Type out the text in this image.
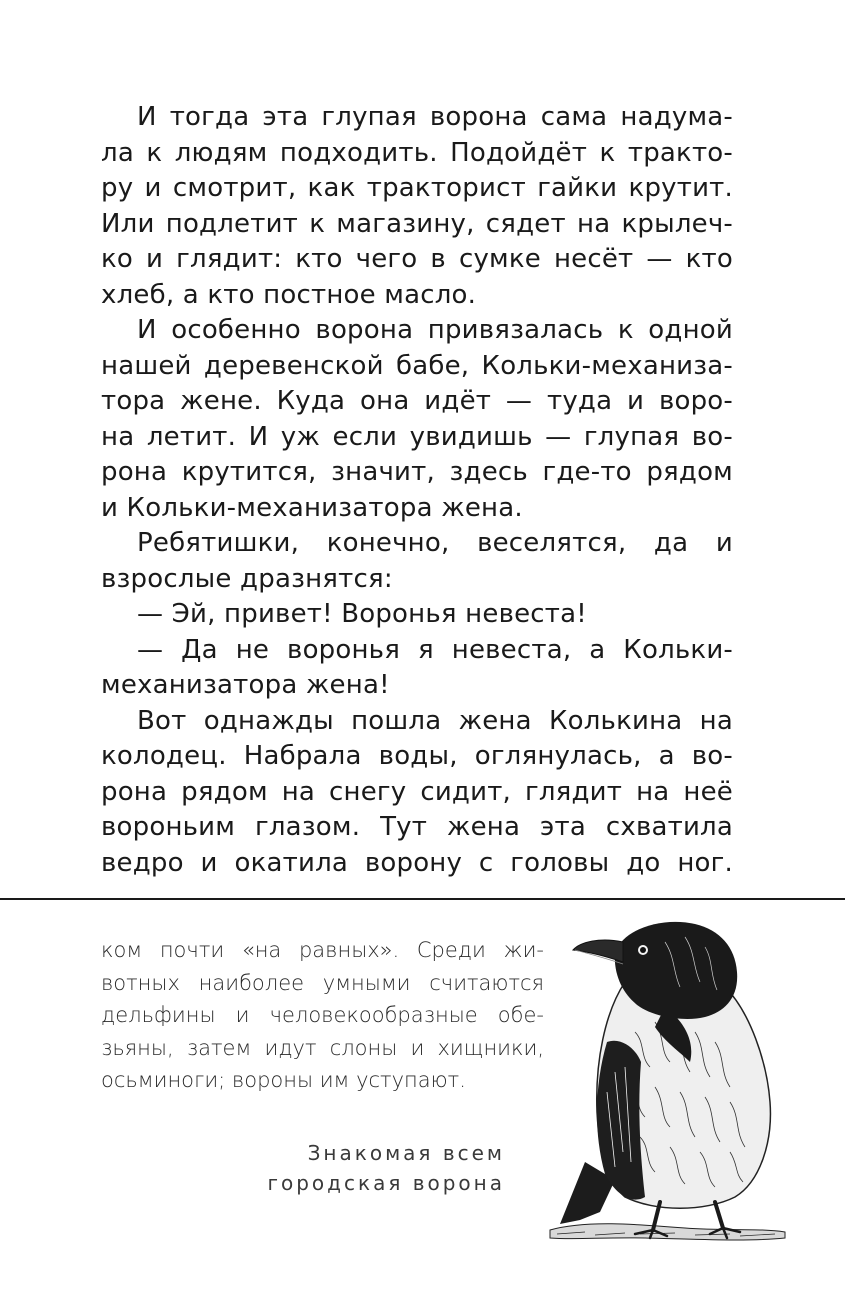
И тогда эта глупая ворона сама надума-
ла к людям подходить. Подойдёт к тракто-
ру и смотрит, как тракторист гайки крутит.
Или подлетит к магазину, сядет на крылеч-
ко и глядит: кто чего в сумке несёт — кто
хлеб, а кто постное масло.
И особенно ворона привязалась к одной
нашей деревенской бабе, Кольки-механиза-
тора жене. Куда она идёт — туда и воро-
на летит. И уж если увидишь — глупая во-
рона крутится, значит, здесь где-то рядом
и Кольки-механизатора жена.
Ребятишки, конечно, веселятся, да и
взрослые дразнятся:
— Эй, привет! Воронья невеста!
— Да не воронья я невеста, а Кольки-
механизатора жена!
Вот однажды пошла жена Колькина на
колодец. Набрала воды, оглянулась, а во-
рона рядом на снегу сидит, глядит на неё
вороньим глазом. Тут жена эта схватила
ведро и окатила ворону с головы до ног.
ком почти «на равных». Среди жи-
вотных наиболее умными считаются
дельфины и человекообразные обе-
зьяны, затем идут слоны и хищники,
осьминоги; вороны им уступают.
Знакомая всем
городская ворона
